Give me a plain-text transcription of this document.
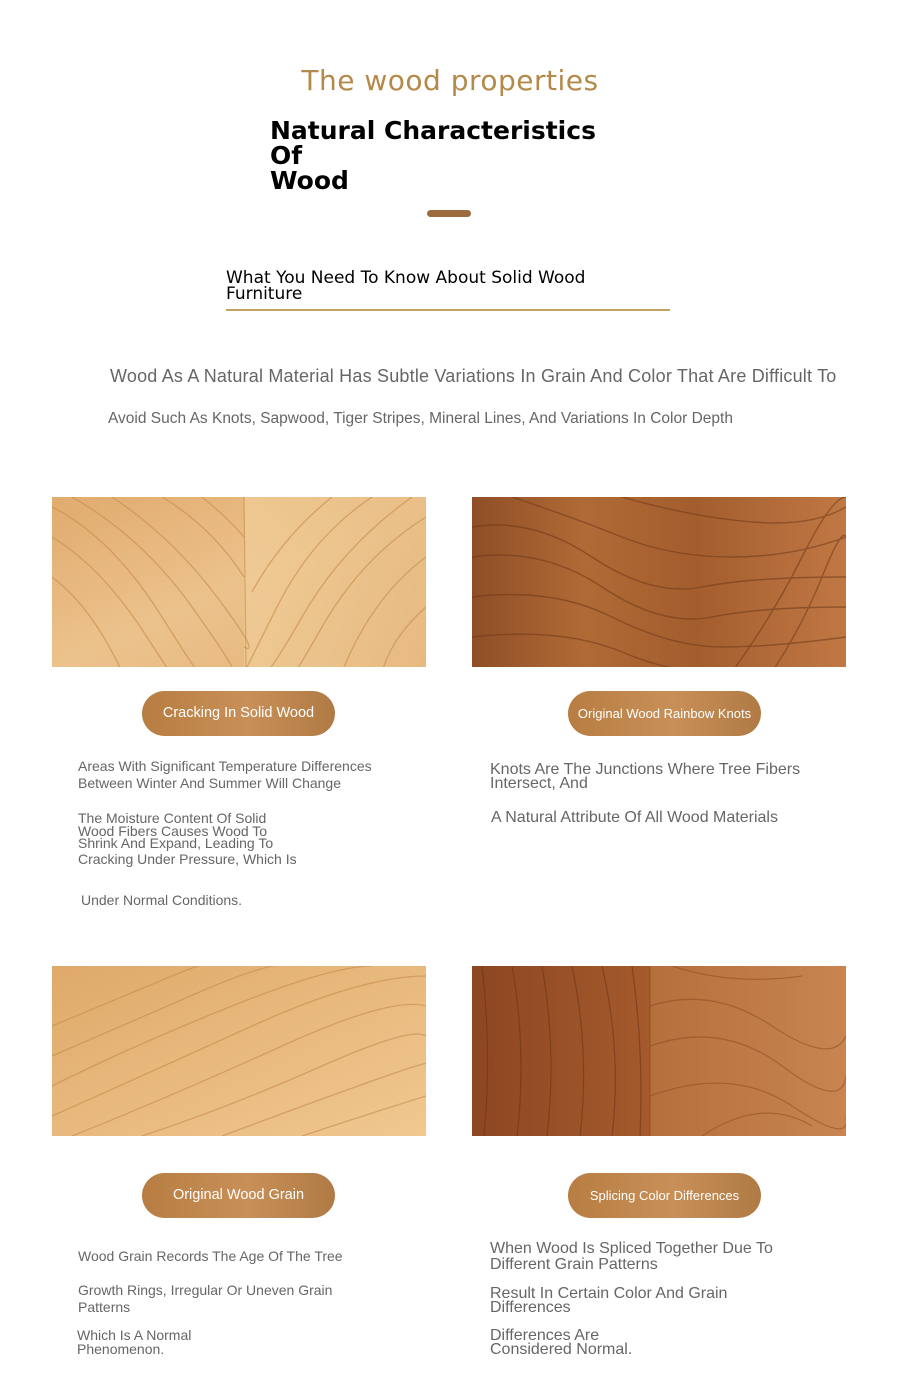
The wood properties
Natural Characteristics Of
Wood
What You Need To Know About Solid Wood
Furniture
Wood As A Natural Material Has Subtle Variations In Grain And Color That Are Difficult To
Avoid Such As Knots, Sapwood, Tiger Stripes, Mineral Lines, And Variations In Color Depth
Cracking In Solid Wood
Areas With Significant Temperature Differences
Between Winter And Summer Will Change
The Moisture Content Of Solid
Wood Fibers Causes Wood To
Shrink And Expand, Leading To
Cracking Under Pressure, Which Is
Under Normal Conditions.
Original Wood Rainbow Knots
Knots Are The Junctions Where Tree Fibers
Intersect, And
A Natural Attribute Of All Wood Materials
Original Wood Grain
Wood Grain Records The Age Of The Tree
Growth Rings, Irregular Or Uneven Grain
Patterns
Which Is A Normal
Phenomenon.
Splicing Color Differences
When Wood Is Spliced Together Due To
Different Grain Patterns
Result In Certain Color And Grain
Differences
Differences Are
Considered Normal.
